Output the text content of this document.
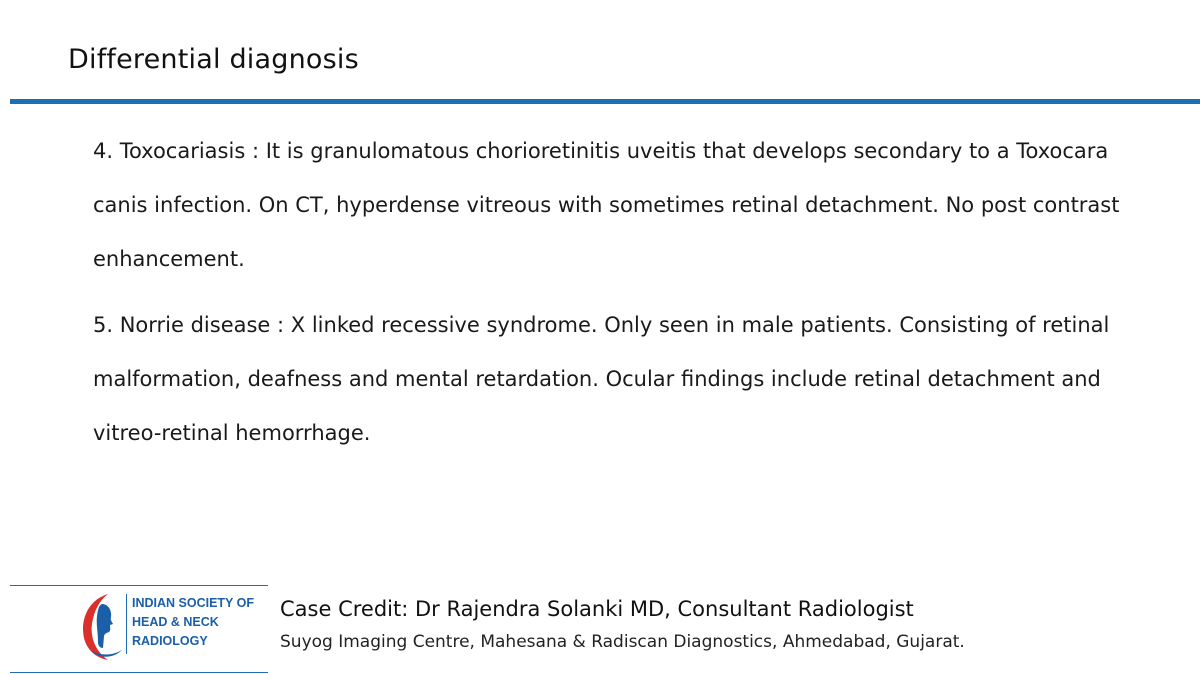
Differential diagnosis

4. Toxocariasis : It is granulomatous chorioretinitis uveitis that develops secondary to a Toxocara canis infection. On CT, hyperdense vitreous with sometimes retinal detachment. No post contrast enhancement.

5. Norrie disease : X linked recessive syndrome. Only seen in male patients. Consisting of retinal malformation, deafness and mental retardation. Ocular findings include retinal detachment and vitreo-retinal hemorrhage.

INDIAN SOCIETY OF
HEAD & NECK
RADIOLOGY
Case Credit: Dr Rajendra Solanki MD, Consultant Radiologist
Suyog Imaging Centre, Mahesana & Radiscan Diagnostics, Ahmedabad, Gujarat.
